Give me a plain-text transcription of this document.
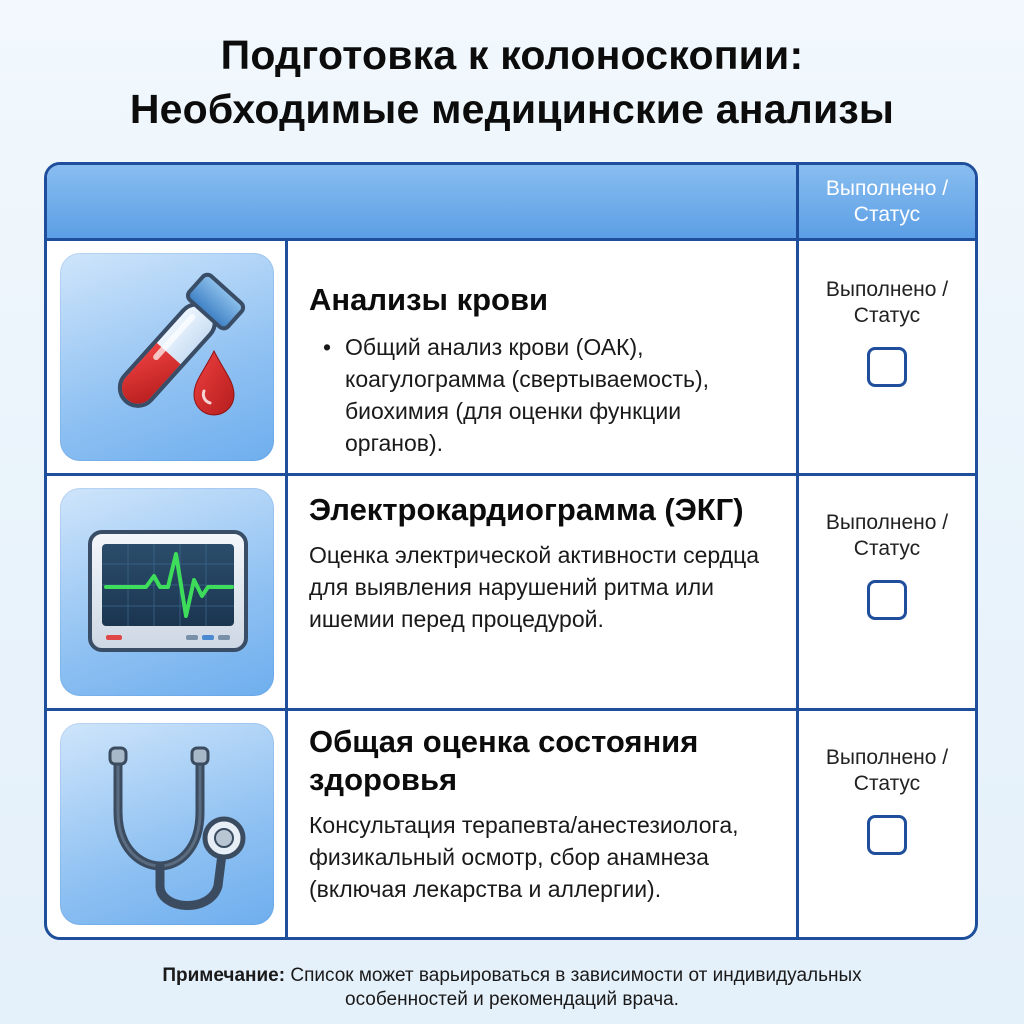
Подготовка к колоноскопии:
Необходимые медицинские анализы
Выполнено / Статус
Анализы крови
• Общий анализ крови (ОАК), коагулограмма (свертываемость), биохимия (для оценки функции органов).
Выполнено / Статус
Электрокардиограмма (ЭКГ)
Оценка электрической активности сердца для выявления нарушений ритма или ишемии перед процедурой.
Выполнено / Статус
Общая оценка состояния здоровья
Консультация терапевта/анестезиолога, физикальный осмотр, сбор анамнеза (включая лекарства и аллергии).
Выполнено / Статус
Примечание: Список может варьироваться в зависимости от индивидуальных
особенностей и рекомендаций врача.
